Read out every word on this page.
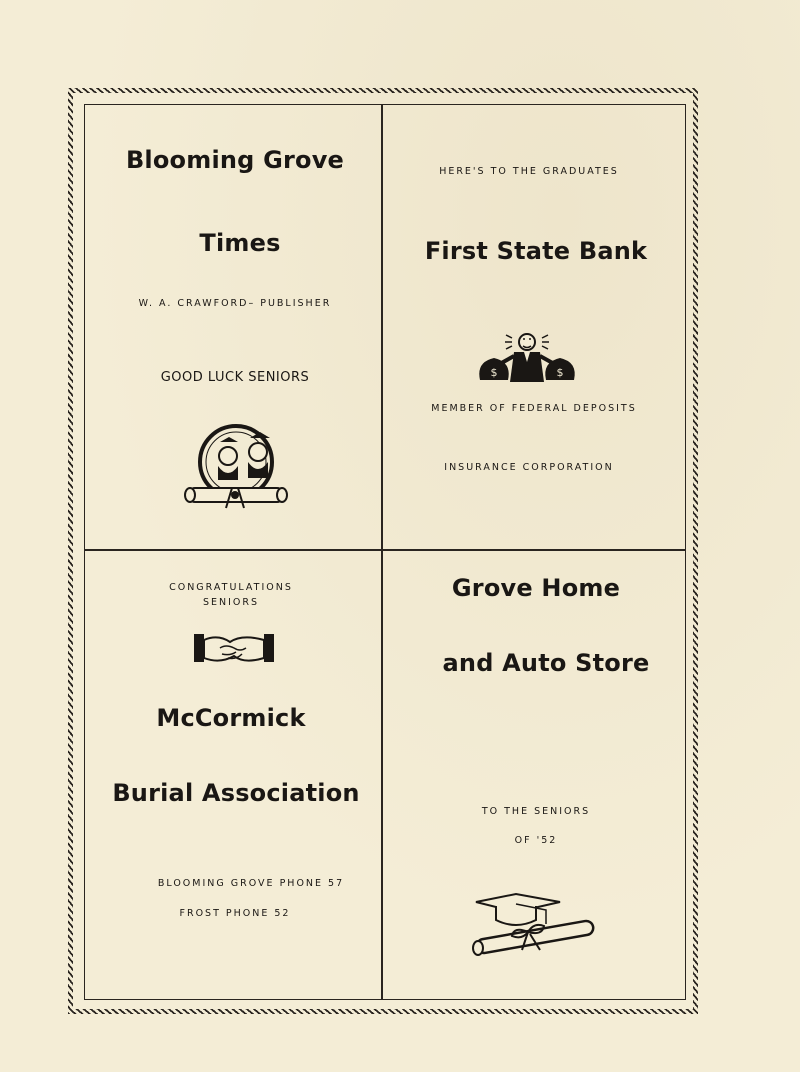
Blooming Grove
Times
W. A. CRAWFORD– PUBLISHER
GOOD LUCK SENIORS
HERE'S TO THE GRADUATES
First State Bank
$	$
MEMBER OF FEDERAL DEPOSITS
INSURANCE CORPORATION
CONGRATULATIONS
SENIORS
McCormick
Burial Association
BLOOMING GROVE PHONE 57
FROST PHONE 52
Grove Home
and Auto Store
TO THE SENIORS
OF '52
